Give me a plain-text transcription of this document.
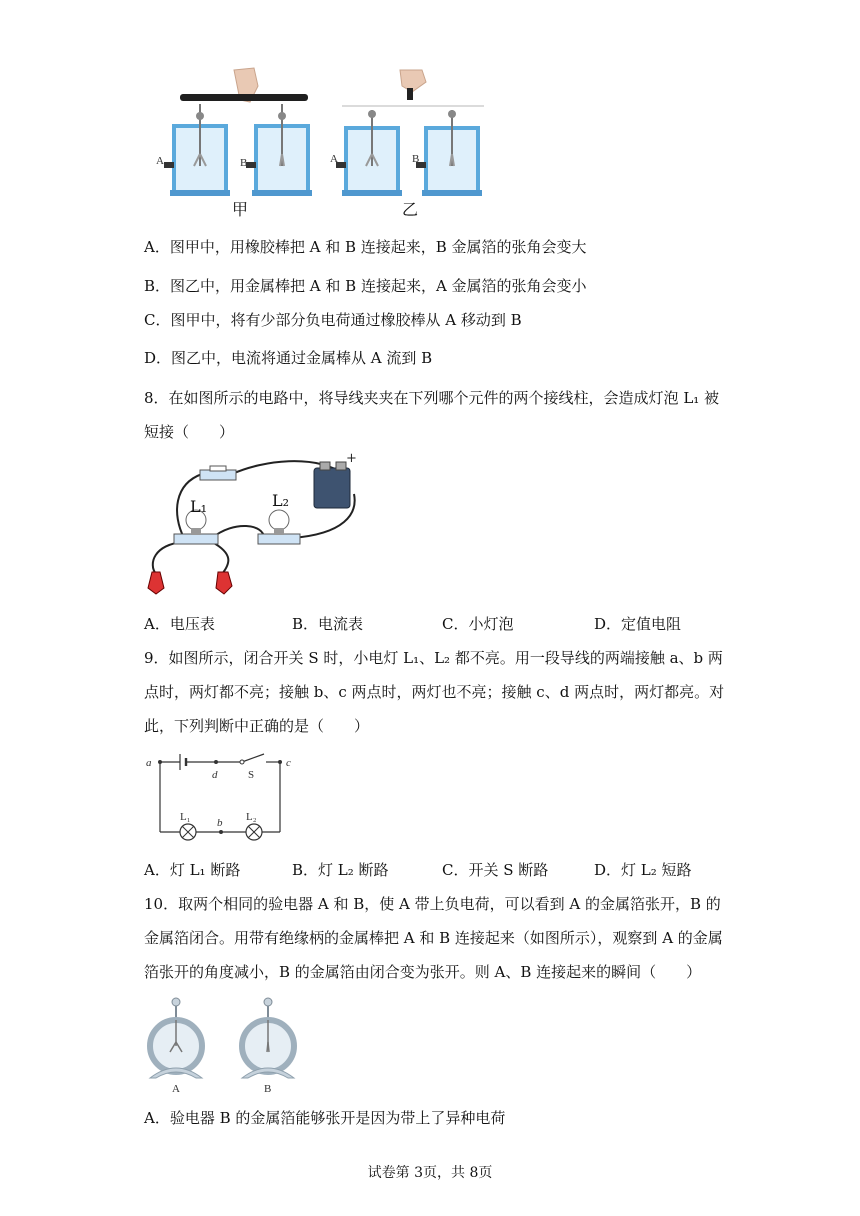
A	B	A	B
甲	乙
A．图甲中，用橡胶棒把 A 和 B 连接起来，B 金属箔的张角会变大
B．图乙中，用金属棒把 A 和 B 连接起来，A 金属箔的张角会变小
C．图甲中，将有少部分负电荷通过橡胶棒从 A 移动到 B
D．图乙中，电流将通过金属棒从 A 流到 B
8．在如图所示的电路中，将导线夹夹在下列哪个元件的两个接线柱，会造成灯泡 L₁ 被
短接（　　）
+
L₁	L₂
A．电压表	B．电流表	C．小灯泡	D．定值电阻
9．如图所示，闭合开关 S 时，小电灯 L₁、L₂ 都不亮。用一段导线的两端接触 a、b 两
点时，两灯都不亮；接触 b、c 两点时，两灯也不亮；接触 c、d 两点时，两灯都亮。对
此，下列判断中正确的是（　　）
a
d	S
c
b
L₁	L₂
A．灯 L₁ 断路	B．灯 L₂ 断路	C．开关 S 断路	D．灯 L₂ 短路
10．取两个相同的验电器 A 和 B，使 A 带上负电荷，可以看到 A 的金属箔张开，B 的
金属箔闭合。用带有绝缘柄的金属棒把 A 和 B 连接起来（如图所示），观察到 A 的金属
箔张开的角度减小，B 的金属箔由闭合变为张开。则 A、B 连接起来的瞬间（　　）
A	B
A．验电器 B 的金属箔能够张开是因为带上了异种电荷
试卷第 3页，共 8页
